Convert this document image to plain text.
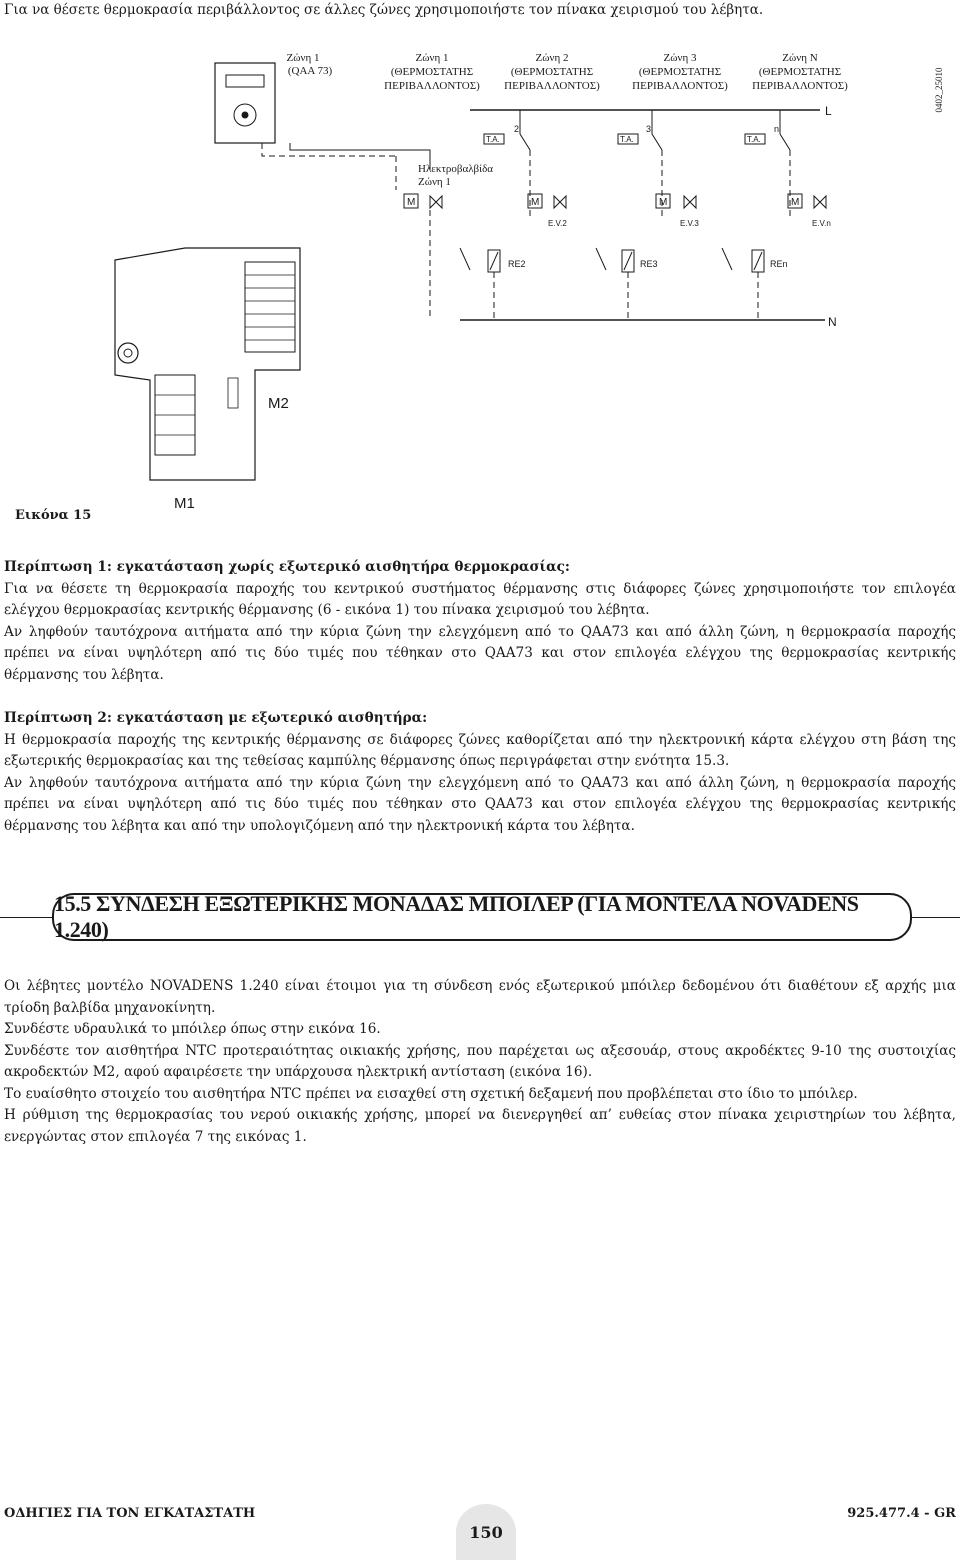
Για να θέσετε θερμοκρασία περιβάλλοντος σε άλλες ζώνες χρησιμοποιήστε τον πίνακα χειρισμού του λέβητα.
Ζώνη 1
(QAA 73)
Ζώνη 1
(ΘΕΡΜΟΣΤΑΤΗΣ
ΠΕΡΙΒΑΛΛΟΝΤΟΣ)
Ζώνη 2
(ΘΕΡΜΟΣΤΑΤΗΣ
ΠΕΡΙΒΑΛΛΟΝΤΟΣ)
Ζώνη 3
(ΘΕΡΜΟΣΤΑΤΗΣ
ΠΕΡΙΒΑΛΛΟΝΤΟΣ)
Ζώνη Ν
(ΘΕΡΜΟΣΤΑΤΗΣ
ΠΕΡΙΒΑΛΛΟΝΤΟΣ)	0402_25010
L
Ηλεκτροβαλβίδα
Ζώνη 1
T.A.
2
M
E.V.2
T.A.
3
M
E.V.3
T.A.
n
M
E.V.n
M
RE2	RE3	REn
N
M2
M1
Εικόνα 15
Περίπτωση 1: εγκατάσταση χωρίς εξωτερικό αισθητήρα θερμοκρασίας:

Για να θέσετε τη θερμοκρασία παροχής του κεντρικού συστήματος θέρμανσης στις διάφορες ζώνες χρησιμοποιήστε τον επιλογέα ελέγχου θερμοκρασίας κεντρικής θέρμανσης (6 - εικόνα 1) του πίνακα χειρισμού του λέβητα.

Αν ληφθούν ταυτόχρονα αιτήματα από την κύρια ζώνη την ελεγχόμενη από το QAA73 και από άλλη ζώνη, η θερμοκρασία παροχής πρέπει να είναι υψηλότερη από τις δύο τιμές που τέθηκαν στο QAA73 και στον επιλογέα ελέγχου της θερμοκρασίας κεντρικής θέρμανσης του λέβητα.

Περίπτωση 2: εγκατάσταση με εξωτερικό αισθητήρα:

Η θερμοκρασία παροχής της κεντρικής θέρμανσης σε διάφορες ζώνες καθορίζεται από την ηλεκτρονική κάρτα ελέγχου στη βάση της εξωτερικής θερμοκρασίας και της τεθείσας καμπύλης θέρμανσης όπως περιγράφεται στην ενότητα 15.3.

Αν ληφθούν ταυτόχρονα αιτήματα από την κύρια ζώνη την ελεγχόμενη από το QAA73 και από άλλη ζώνη, η θερμοκρασία παροχής πρέπει να είναι υψηλότερη από τις δύο τιμές που τέθηκαν στο QAA73 και στον επιλογέα ελέγχου της θερμοκρασίας κεντρικής θέρμανσης του λέβητα και από την υπολογιζόμενη από την ηλεκτρονική κάρτα του λέβητα.

15.5 ΣΥΝΔΕΣΗ ΕΞΩΤΕΡΙΚΗΣ ΜΟΝΑΔΑΣ ΜΠΟΙΛΕΡ (ΓΙΑ ΜΟΝΤΕΛΑ NOVADENS 1.240)

Οι λέβητες μοντέλο NOVADENS 1.240 είναι έτοιμοι για τη σύνδεση ενός εξωτερικού μπόιλερ δεδομένου ότι διαθέτουν εξ αρχής μια τρίοδη βαλβίδα μηχανοκίνητη.

Συνδέστε υδραυλικά το μπόιλερ όπως στην εικόνα 16.

Συνδέστε τον αισθητήρα NTC προτεραιότητας οικιακής χρήσης, που παρέχεται ως αξεσουάρ, στους ακροδέκτες 9-10 της συστοιχίας ακροδεκτών M2, αφού αφαιρέσετε την υπάρχουσα ηλεκτρική αντίσταση (εικόνα 16).

Το ευαίσθητο στοιχείο του αισθητήρα NTC πρέπει να εισαχθεί στη σχετική δεξαμενή που προβλέπεται στο ίδιο το μπόιλερ.

Η ρύθμιση της θερμοκρασίας του νερού οικιακής χρήσης, μπορεί να διενεργηθεί απ’ ευθείας στον πίνακα χειριστηρίων του λέβητα, ενεργώντας στον επιλογέα 7 της εικόνας 1.

ΟΔΗΓΙΕΣ ΓΙΑ ΤΟΝ ΕΓΚΑΤΑΣΤΑΤΗ
150
925.477.4 - GR
